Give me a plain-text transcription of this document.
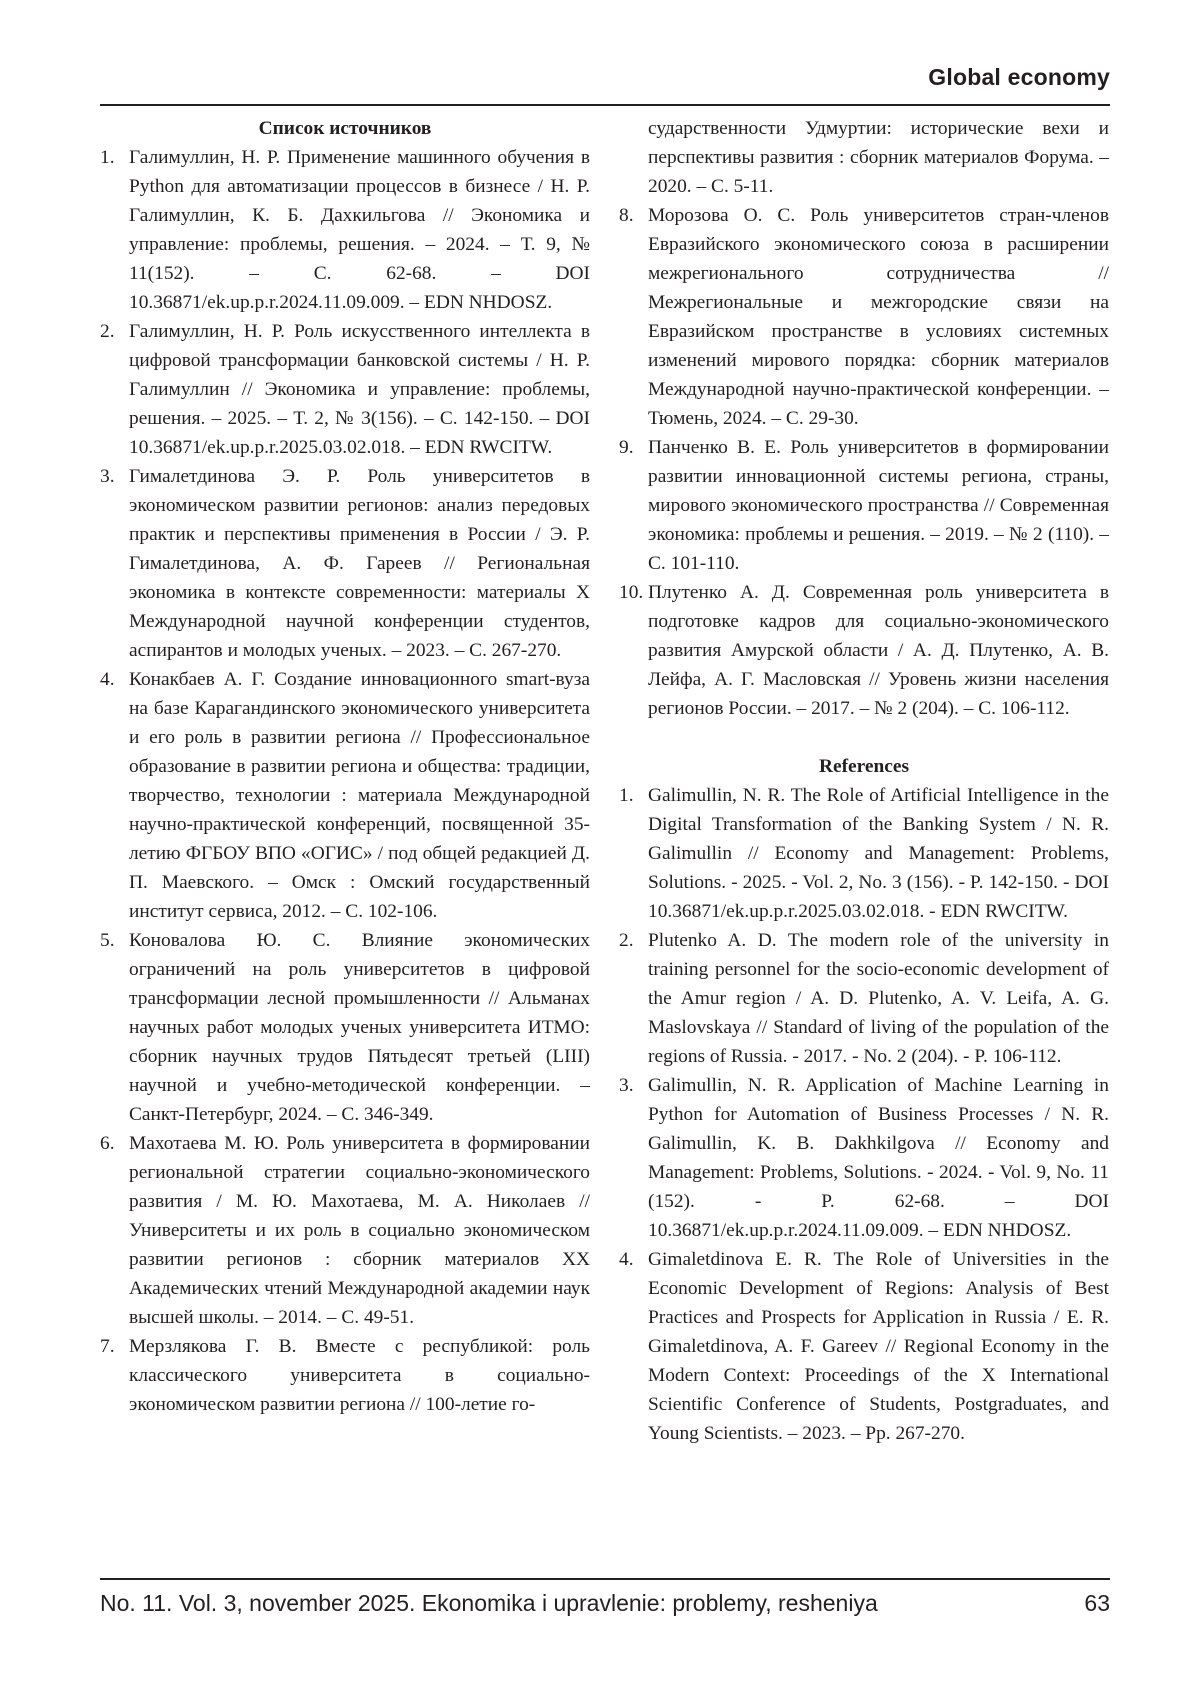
Global economy
Список источников
1. Галимуллин, Н. Р. Применение машинного обучения в Python для автоматизации процессов в бизнесе / Н. Р. Галимуллин, К. Б. Дахкильгова // Экономика и управление: проблемы, решения. – 2024. – Т. 9, № 11(152). – С. 62-68. – DOI 10.36871/ek.up.p.r.2024.11.09.009. – EDN NHDOSZ.
2. Галимуллин, Н. Р. Роль искусственного интеллекта в цифровой трансформации банковской системы / Н. Р. Галимуллин // Экономика и управление: проблемы, решения. – 2025. – Т. 2, № 3(156). – С. 142-150. – DOI 10.36871/ek.up.p.r.2025.03.02.018. – EDN RWCITW.
3. Гималетдинова Э. Р. Роль университетов в экономическом развитии регионов: анализ передовых практик и перспективы применения в России / Э. Р. Гималетдинова, А. Ф. Гареев // Региональная экономика в контексте современности: материалы X Международной научной конференции студентов, аспирантов и молодых ученых. – 2023. – С. 267-270.
4. Конакбаев А. Г. Создание инновационного smart-вуза на базе Карагандинского экономического университета и его роль в развитии региона // Профессиональное образование в развитии региона и общества: традиции, творчество, технологии : материала Международной научно-практической конференций, посвященной 35-летию ФГБОУ ВПО «ОГИС» / под общей редакцией Д. П. Маевского. – Омск : Омский государственный институт сервиса, 2012. – С. 102-106.
5. Коновалова Ю. С. Влияние экономических ограничений на роль университетов в цифровой трансформации лесной промышленности // Альманах научных работ молодых ученых университета ИТМО: сборник научных трудов Пятьдесят третьей (LIII) научной и учебно-методической конференции. – Санкт-Петербург, 2024. – С. 346-349.
6. Махотаева М. Ю. Роль университета в формировании региональной стратегии социально-экономического развития / М. Ю. Махотаева, М. А. Николаев // Университеты и их роль в социально экономическом развитии регионов : сборник материалов XX Академических чтений Международной академии наук высшей школы. – 2014. – С. 49-51.
7. Мерзлякова Г. В. Вместе с республикой: роль классического университета в социально-экономическом развитии региона // 100-летие го-

сударственности Удмуртии: исторические вехи и перспективы развития : сборник материалов Форума. – 2020. – С. 5-11.

8. Морозова О. С. Роль университетов стран-членов Евразийского экономического союза в расширении межрегионального сотрудничества // Межрегиональные и межгородские связи на Евразийском пространстве в условиях системных изменений мирового порядка: сборник материалов Международной научно-практической конференции. – Тюмень, 2024. – С. 29-30.
9. Панченко В. Е. Роль университетов в формировании развитии инновационной системы региона, страны, мирового экономического пространства // Современная экономика: проблемы и решения. – 2019. – № 2 (110). – С. 101-110.
10. Плутенко А. Д. Современная роль университета в подготовке кадров для социально-экономического развития Амурской области / А. Д. Плутенко, А. В. Лейфа, А. Г. Масловская // Уровень жизни населения регионов России. – 2017. – № 2 (204). – С. 106-112.
References
1. Galimullin, N. R. The Role of Artificial Intelligence in the Digital Transformation of the Banking System / N. R. Galimullin // Economy and Management: Problems, Solutions. - 2025. - Vol. 2, No. 3 (156). - P. 142-150. - DOI 10.36871/ek.up.p.r.2025.03.02.018. - EDN RWCITW.
2. Plutenko A. D. The modern role of the university in training personnel for the socio-economic development of the Amur region / A. D. Plutenko, A. V. Leifa, A. G. Maslovskaya // Standard of living of the population of the regions of Russia. - 2017. - No. 2 (204). - P. 106-112.
3. Galimullin, N. R. Application of Machine Learning in Python for Automation of Business Processes / N. R. Galimullin, K. B. Dakhkilgova // Economy and Management: Problems, Solutions. - 2024. - Vol. 9, No. 11 (152). - P. 62-68. – DOI 10.36871/ek.up.p.r.2024.11.09.009. – EDN NHDOSZ.
4. Gimaletdinova E. R. The Role of Universities in the Economic Development of Regions: Analysis of Best Practices and Prospects for Application in Russia / E. R. Gimaletdinova, A. F. Gareev // Regional Economy in the Modern Context: Proceedings of the X International Scientific Conference of Students, Postgraduates, and Young Scientists. – 2023. – Pp. 267-270.
No. 11. Vol. 3, november 2025. Ekonomika i upravlenie: problemy, resheniya	63
